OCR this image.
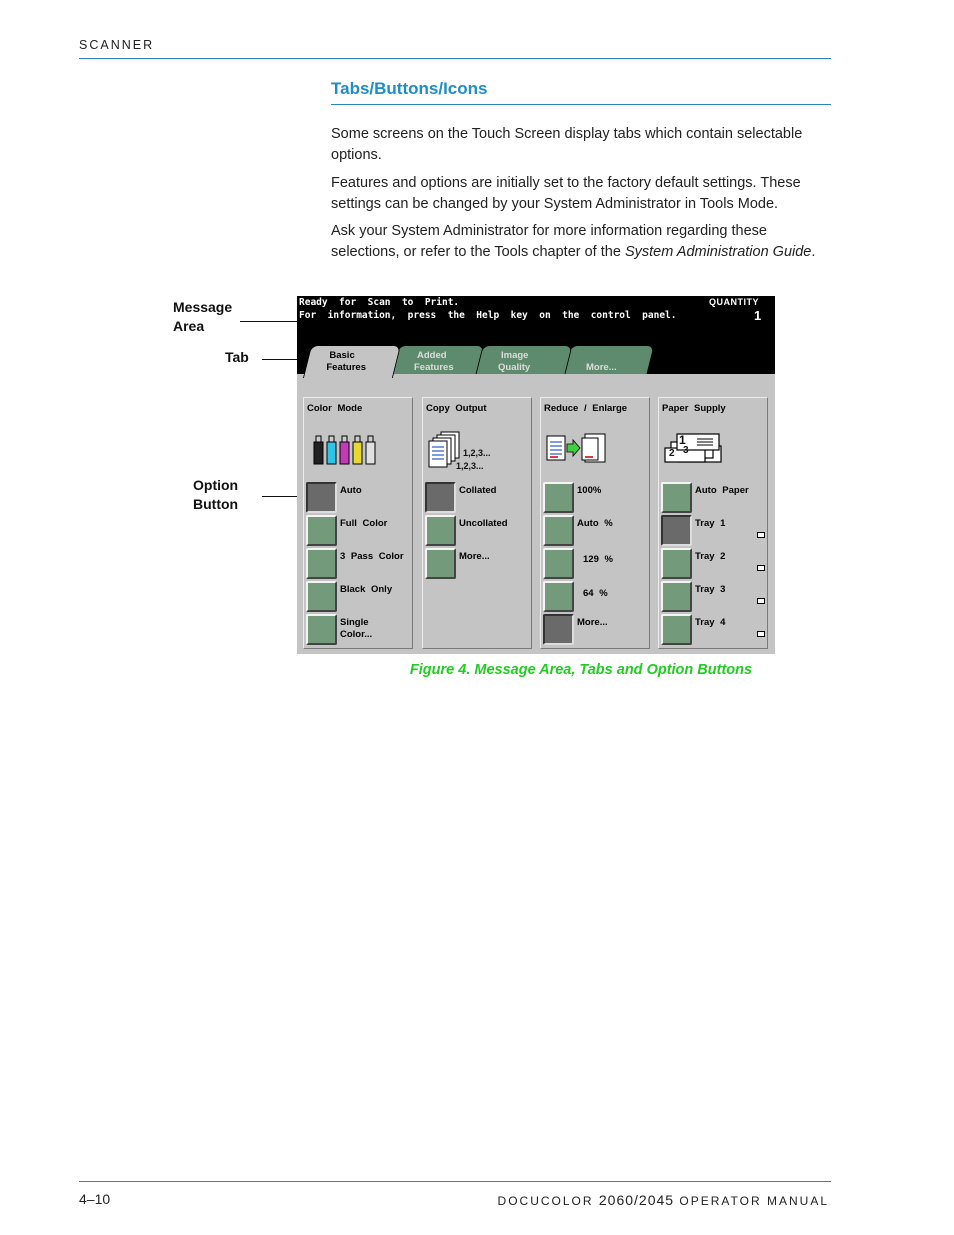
SCANNER
Tabs/Buttons/Icons

Some screens on the Touch Screen display tabs which contain selectable options.

Features and options are initially set to the factory default settings. These settings can be changed by your System Administrator in Tools Mode.

Ask your System Administrator for more information regarding these selections, or refer to the Tools chapter of the System Administration Guide.

Message
Area
Tab
Option
Button
Ready  for  Scan  to  Print.
For  information,  press  the  Help  key  on  the  control  panel.
QUANTITY
1
Basic
Features
Added
Features
Image
Quality
	More...
Color Mode
Auto
Full Color
3 Pass Color
Black Only
Single
Color...
Copy Output
1,2,3...
1,2,3...
Collated
Uncollated
More...
Reduce / Enlarge
100%
Auto %
129 %
64 %
More...
Paper Supply
1
2 3
Auto Paper
Tray 1
Tray 2
Tray 3
Tray 4
Figure 4. Message Area, Tabs and Option Buttons
4–10	DOCUCOLOR 2060/2045 OPERATOR MANUAL
